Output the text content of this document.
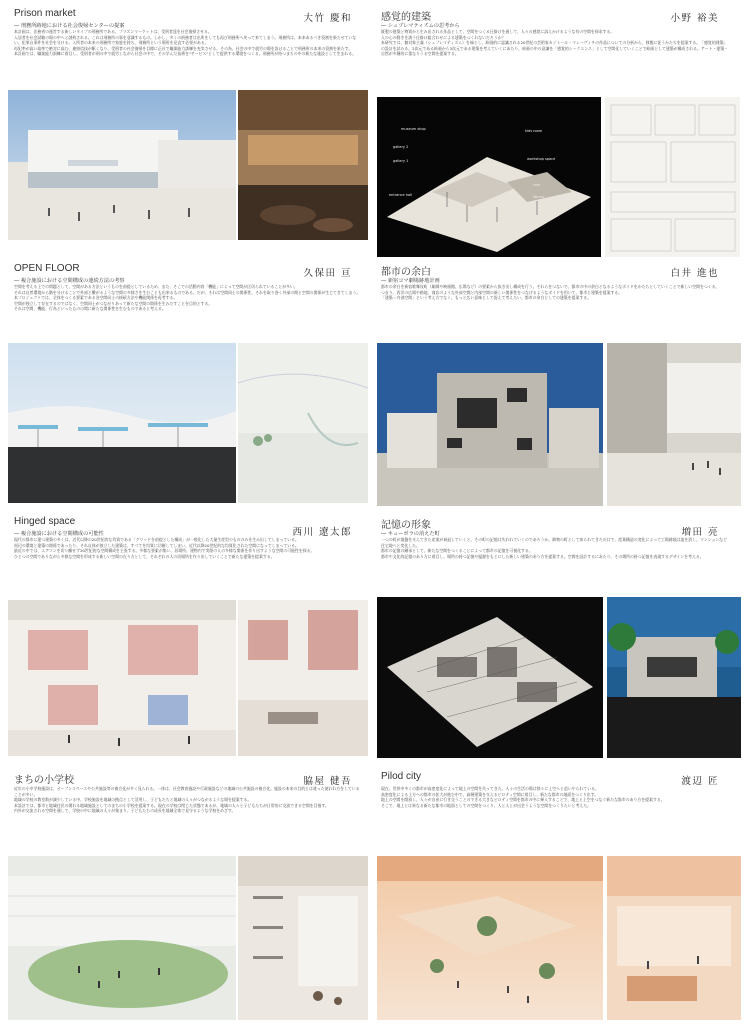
Prison market	大竹 慶和
― 刑務所跡地における社会復帰センターの提案

本計画は、法務省の運営する新しいタイプの刑務所である、プリズンマーケットは、受刑者達を社会復帰させる。

入居者を社会試験の場の中へと誘致される。これは刑務所の事を意識するもの。しかし、多くの刑務者は出所をしても再び刑務所へ戻って来てしまう。刑務所は、本来あるべき役割を果たせていない。犯罪自事件を社会を分ける。入所者の本来の刑務所で家庭を持ち、刑務所という場所を見直す必要がある。

再犯率が高い取率で絶対に高む。連絡信技が駆くなり、受刑者の社会復帰を目標に正社で職業能力訓練を充実させる。その為、社会の中で就労の場を設けることで刑務所の本来の役割を果たす。

本計画では、職業能力訓練に着目し、受刑者が刑の中で就労しながら社会の中で、その学んだ技術を"サービス"として提供する環境をつくる。刑務所が持つまちの中の新たな施設として生まれる。

感覚的建築	小野 裕美
― シュプレマティズムの思考から

既製の建築と物質から生み出される作品として、空間をつくる仕掛けを通して、人々の感覚に訴えかけるような有の空間を探求する。

人の心の動きを誘う仕掛け組合わせによる建築をつくれないだろうか？

本研究では、無対象主義（シュプレマティズム）を端とし、絵画的に認識される20世紀の芸術家カジミール・マレーヴィチの作品についての分析から、様態に従うかたちを提案する。「感覚的建築」の設計を試みる。2次元である絵画から3次元である建築を考えていくにあたり、絵画の中の意識を「感覚的シークエンス」として空間化していくことで絵画として建築が構成される。アート・建築・自然が多層的に重なりうる空間を提案する。

museum shop
gallery 2
gallery 1
kids room
workshop space
entrance hall
cafe
library
OPEN FLOOR	久保田 亘
― 複合施設における空間構成の連続方法の考察

空間を考える上での問題として、空間がある方法というものを前提としているため、また、そこでの活動内容「機能」によって空間が区切られていることが多い。

それは自然環境から階を分けることで外部と繋がるような空間の多様さを生むことも出来るものである。だが、それは空間同士の関係性、それを取り巻く外部の間と空間の関係が生じてきてしまう。

本プロジェクトでは、全体をつくる要素である各空間同士の接続方法や機能関係を再考する。

空間が独立して存在するのではなく、空間同士がつながりあって新たな空間の関係を生みだすことを目的とする。

それは空間、機能、行為といったものの間に新たな関係性を生むものであると考える。

都市の余白	白井 進也
― 新宿コマ劇場跡地計画

都市の余白を新宿歌舞伎町（劇場や映画館、広場など）の要素から抜き出し構成を行う。それらをつないで、都市の中の余白となるようなボイドをかたちとしていくことで新しい空間をつくる。

つまり、西洋の広場や路地、商店のような外部空間と内部空間の新しい関係性をつなげるようなボイドを用いて、都市と建築を提案する。

「建築＝内部空間」という考え方でなく、もっと広い意味として捉えて考えたい。都市の余白としての建築を提案する。

Hinged space
西川 遼太郎
― 複合施設における空間構成の可能性

現代の都市に建つ建築の多くは、近代以降の20世紀的な均質である「グリッドを前提とした構成」が一般化した大量生産型のもののみを生み出してしまっている。

周辺の環境と建築の関係であったり、それ自体が独立した建築は、すべてを均質に切断してしまい、近代以降20世紀的な均質化された空間になってしまっている。

最近の中では、エアコンを切り離せず20世紀的な空間構成を主張する。多様な要素が集い、居場所、建物内で実際の人の多様な関係を作り出すような空間の可能性を探る。

ひとつの空間でありながら多様な空間を形成する新しい空間の在り方として、それぞれの人の居場所を作り出していくことで新たな建築を提案する。

記憶の形象
増田 亮
― キューポラの消えた町

一つの町が地盤を支えてきた産業が衰退していくと、その町の記憶は失われていくのであろうか。鋳物の町として知られてきた川口で、産業構造の変化によって工場跡地は姿を消し、マンションなど住宅地へと変化した。

都市の記憶の継承として、新たな空間をつくることによって都市の記憶を可視化する。

都市や文化的記憶のあり方に着目し、場所の持つ記憶や履歴をもとにした新しい建築のあり方を提案する。空間を設計するにあたり、その場所の持つ記憶を表現するデザインを考える。

まちの小学校	脇屋 健吾

近年の小中学校施設は、オープンスペースや公共施設等の複合化が多く見られる。一体は、社会教育施設や行政施設などの地域の公共施設の複合化。施設の本来の目的とは違った使われ方をしていることが多い。

地域の学校の教室数が減少している中、学校施設を地域の拠点として活用し、子どもたちと地域の人々がつながるような場を提案する。

本設計では、都市と地域住民の関わる地域施設としてのまちの小学校を提案する。現在の学校は閉じた状態であるが、地域の人々と子どもたちが日常的に交流できる空間を目指す。

内外が交流される空間を通して、学校の中に地域の人々が集まり、子どもたちの成長を地域全体で見守るような学校をめざす。

Pilod city	渡辺 匠

現在、世界中多くの都市が高密度化によって地上の空間を失ってきた。人々の生活の場は徐々に上空へと追いやられている。

高密度化による上方への都市の拡大が進む中で、高層建築を支えるピロティ空間に着目し、新たな都市の地面をつくり出す。

地上の空間を開放し、人々が自由に行き交うことのできる大きなピロティ空間を都市の中に挿入することで、地上と上空をつなぐ新たな都市のあり方を提案する。

そこで、地上とは異なる新たな都市の地面としての空間をつくり、人と人とが出会うような空間をつくりたいと考えた。
